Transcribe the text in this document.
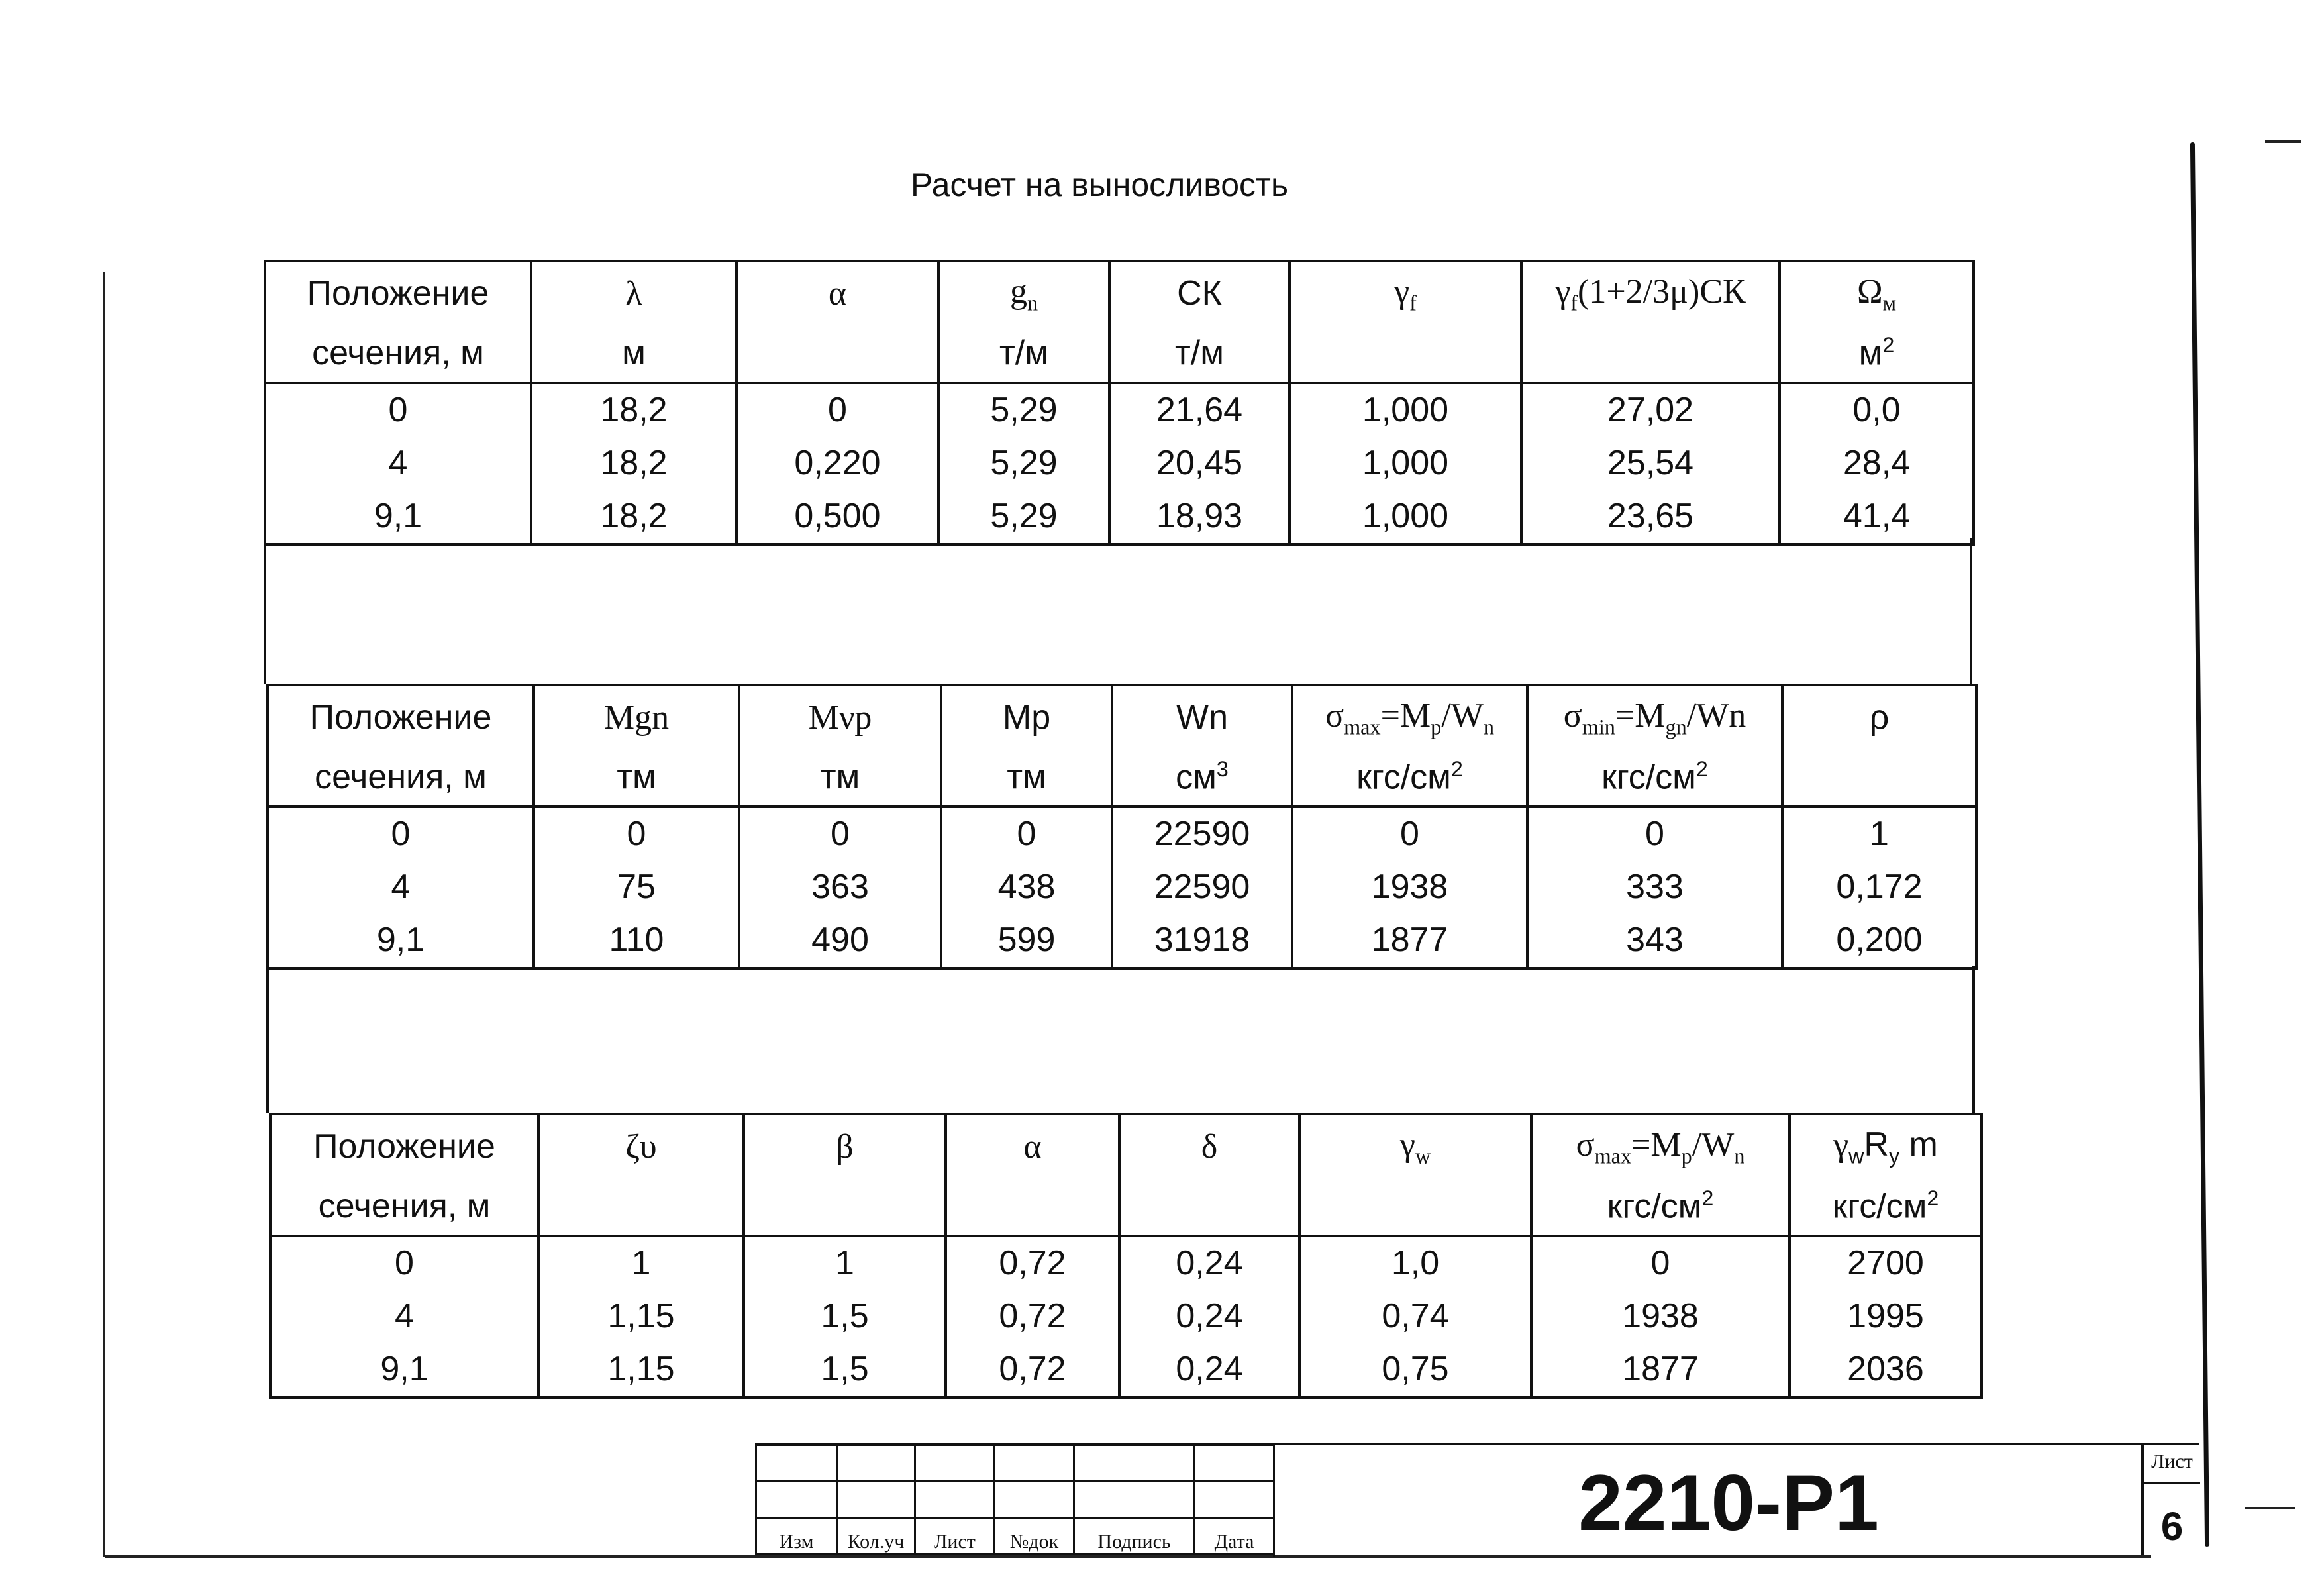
Расчет на выносливость
Положение	λ	α	$g_n$	СК	$\gamma_f$	$\gamma_f(1+2/3\mu)СК$	$\Omega_м$
сечения, м	м		т/м	т/м			$м^2$
0	18,2	0	5,29	21,64	1,000	27,02	0,0
4	18,2	0,220	5,29	20,45	1,000	25,54	28,4
9,1	18,2	0,500	5,29	18,93	1,000	23,65	41,4
Положение	Mgn	Mνp	Mp	Wn	$\sigma_{max}=M_p/W_n$	$\sigma_{min}=M_{gn}/Wn$	ρ
сечения, м	тм	тм	тм	$см^3$	кгс/$см^2$	кгс/$см^2$	
0	0	0	0	22590	0	0	1
4	75	363	438	22590	1938	333	0,172
9,1	110	490	599	31918	1877	343	0,200
Положение	ζυ	β	α	δ	$\gamma_w$	$\sigma_{max}=M_p/W_n$	$\gamma_wR_y$ m
сечения, м						кгс/$см^2$	кгс/$см^2$
0	1	1	0,72	0,24	1,0	0	2700
4	1,15	1,5	0,72	0,24	0,74	1938	1995
9,1	1,15	1,5	0,72	0,24	0,75	1877	2036

Изм	Кол.уч	Лист	№док	Подпись	Дата	2210-Р1	Лист
6
